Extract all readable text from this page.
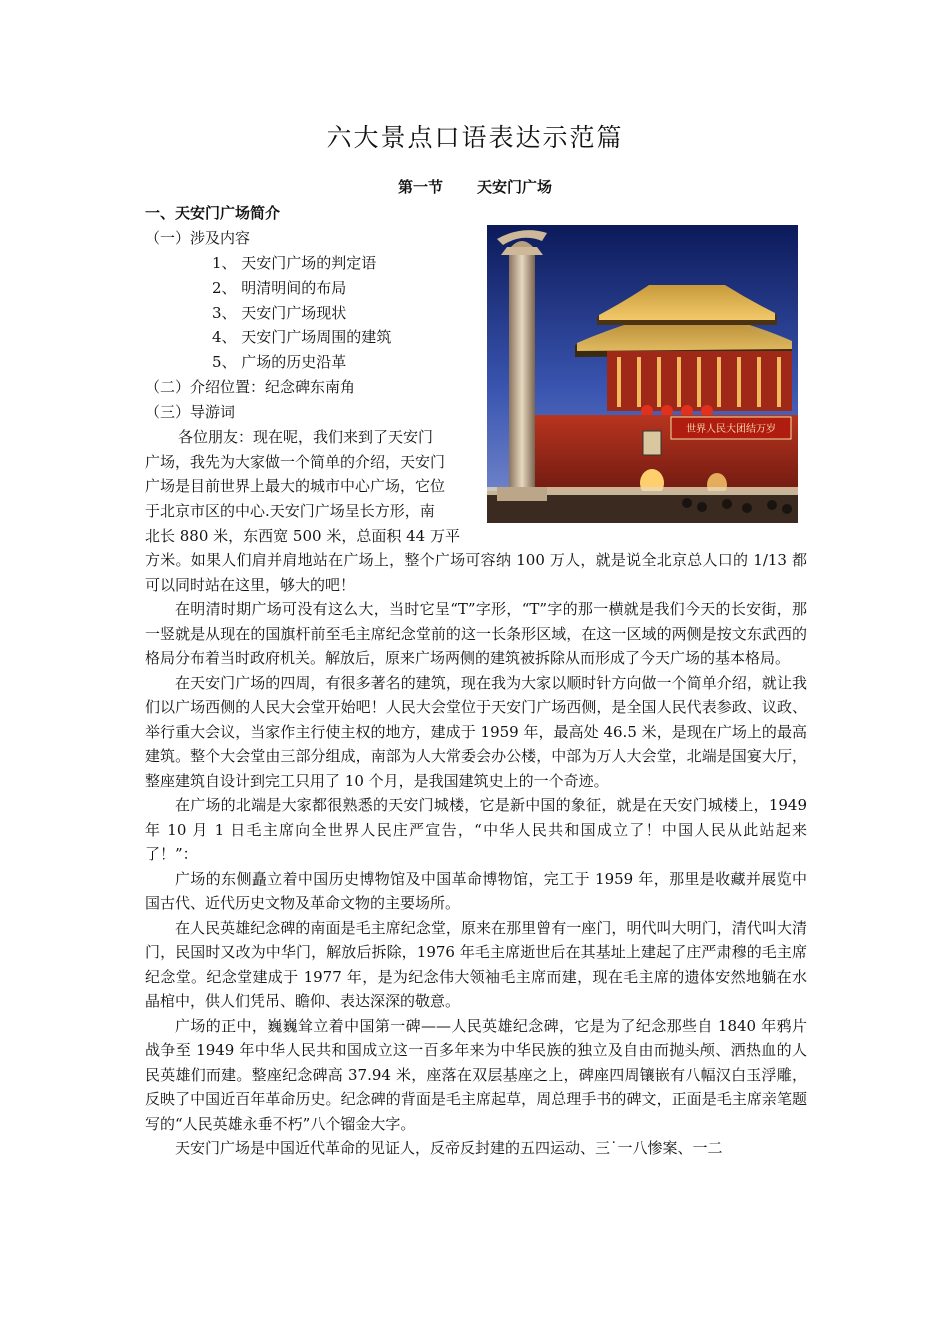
六大景点口语表达示范篇
第一节 天安门广场
一、天安门广场简介
（一）涉及内容
1、 天安门广场的判定语
2、 明清明间的布局
3、 天安门广场现状
4、 天安门广场周围的建筑
5、 广场的历史沿革
（二）介绍位置：纪念碑东南角
（三）导游词
各位朋友：现在呢，我们来到了天安门
广场，我先为大家做一个简单的介绍，天安门
广场是目前世界上最大的城市中心广场，它位
于北京市区的中心.天安门广场呈长方形，南
北长 880 米，东西宽 500 米，总面积 44 万平
世界人民大团结万岁

方米。如果人们肩并肩地站在广场上，整个广场可容纳 100 万人，就是说全北京总人口的 1/13 都可以同时站在这里，够大的吧！

在明清时期广场可没有这么大，当时它呈“T”字形，“T”字的那一横就是我们今天的长安街，那一竖就是从现在的国旗杆前至毛主席纪念堂前的这一长条形区域，在这一区域的两侧是按文东武西的格局分布着当时政府机关。解放后，原来广场两侧的建筑被拆除从而形成了今天广场的基本格局。

在天安门广场的四周，有很多著名的建筑，现在我为大家以顺时针方向做一个简单介绍，就让我们以广场西侧的人民大会堂开始吧！人民大会堂位于天安门广场西侧，是全国人民代表参政、议政、举行重大会议，当家作主行使主权的地方，建成于 1959 年，最高处 46.5 米，是现在广场上的最高建筑。整个大会堂由三部分组成，南部为人大常委会办公楼，中部为万人大会堂，北端是国宴大厅，整座建筑自设计到完工只用了 10 个月，是我国建筑史上的一个奇迹。

在广场的北端是大家都很熟悉的天安门城楼，它是新中国的象征，就是在天安门城楼上，1949 年 10 月 1 日毛主席向全世界人民庄严宣告，“中华人民共和国成立了！中国人民从此站起来了！”：

广场的东侧矗立着中国历史博物馆及中国革命博物馆，完工于 1959 年，那里是收藏并展览中国古代、近代历史文物及革命文物的主要场所。

在人民英雄纪念碑的南面是毛主席纪念堂，原来在那里曾有一座门，明代叫大明门，清代叫大清门，民国时又改为中华门，解放后拆除，1976 年毛主席逝世后在其基址上建起了庄严肃穆的毛主席纪念堂。纪念堂建成于 1977 年，是为纪念伟大领袖毛主席而建，现在毛主席的遗体安然地躺在水晶棺中，供人们凭吊、瞻仰、表达深深的敬意。

广场的正中，巍巍耸立着中国第一碑——人民英雄纪念碑，它是为了纪念那些自 1840 年鸦片战争至 1949 年中华人民共和国成立这一百多年来为中华民族的独立及自由而抛头颅、洒热血的人民英雄们而建。整座纪念碑高 37.94 米，座落在双层基座之上，碑座四周镶嵌有八幅汉白玉浮雕，反映了中国近百年革命历史。纪念碑的背面是毛主席起草，周总理手书的碑文，正面是毛主席亲笔题写的“人民英雄永垂不朽”八个镏金大字。

天安门广场是中国近代革命的见证人，反帝反封建的五四运动、三˙一八惨案、一二
